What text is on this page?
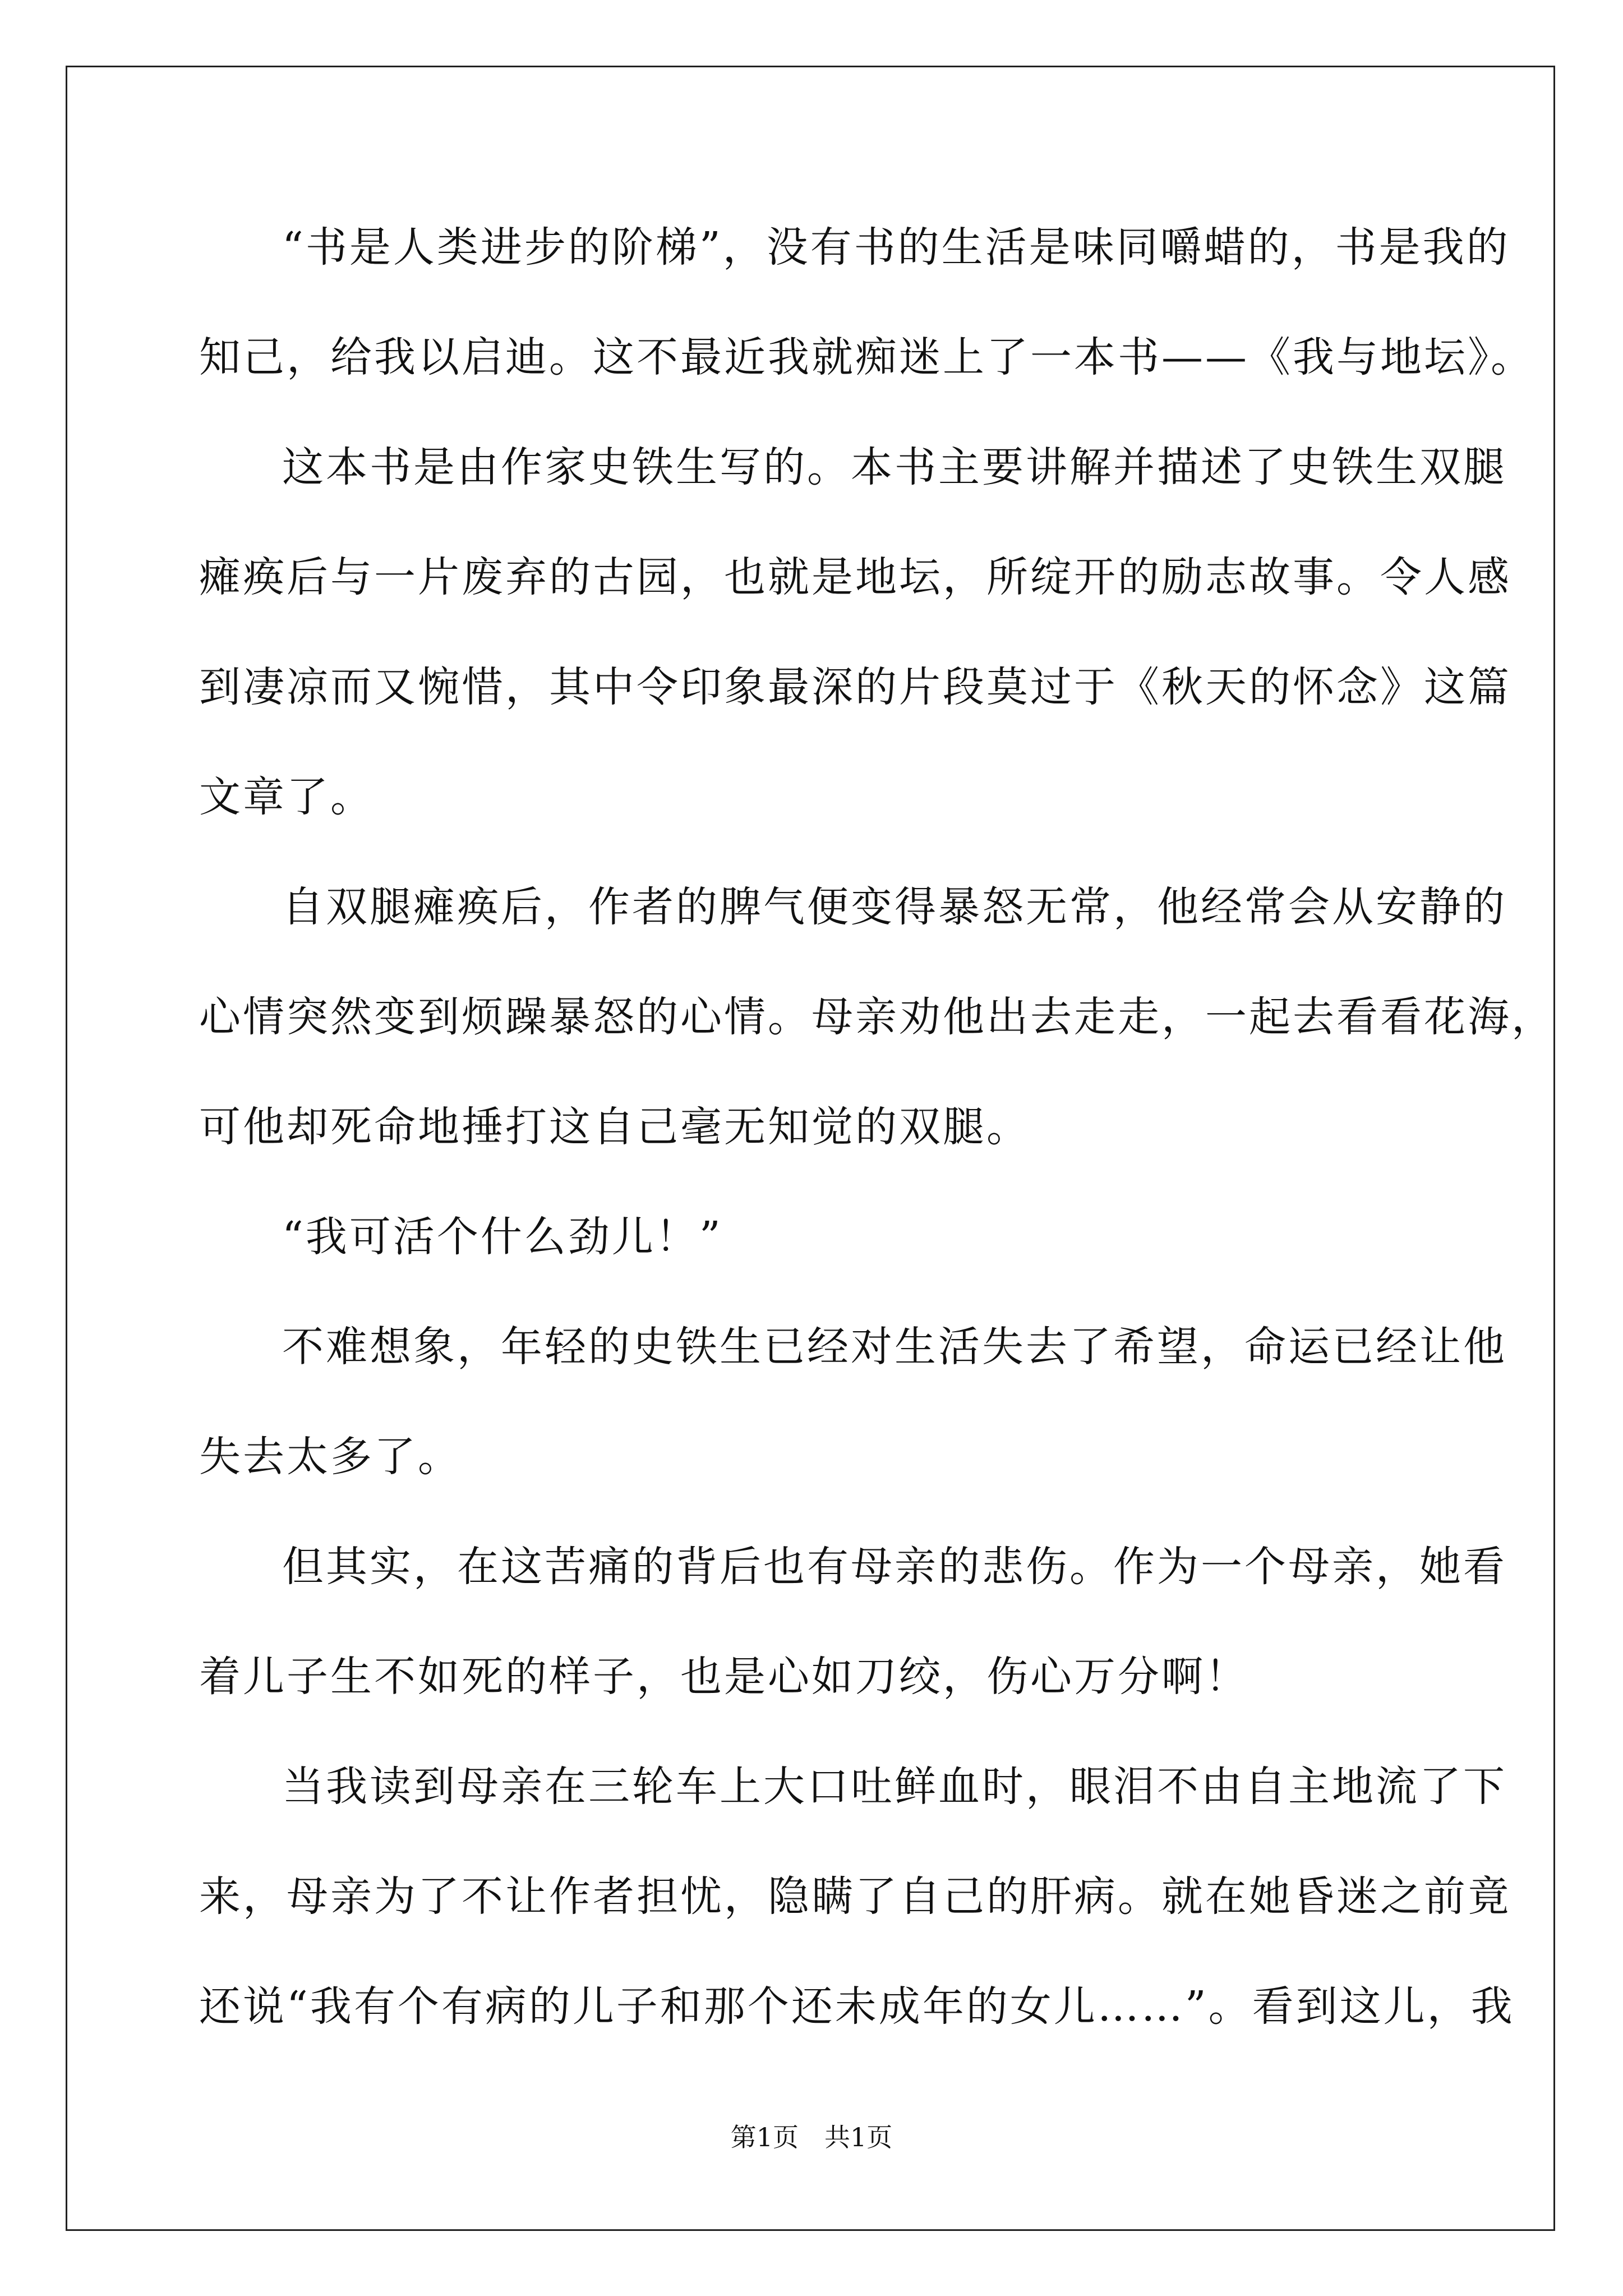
“书是人类进步的阶梯”，没有书的生活是味同嚼蜡的，书是我的
知己，给我以启迪。这不最近我就痴迷上了一本书——《我与地坛》。
这本书是由作家史铁生写的。本书主要讲解并描述了史铁生双腿
瘫痪后与一片废弃的古园，也就是地坛，所绽开的励志故事。令人感
到凄凉而又惋惜，其中令印象最深的片段莫过于《秋天的怀念》这篇
文章了。
自双腿瘫痪后，作者的脾气便变得暴怒无常，他经常会从安静的
心情突然变到烦躁暴怒的心情。母亲劝他出去走走，一起去看看花海，
可他却死命地捶打这自己毫无知觉的双腿。
“我可活个什么劲儿！”
不难想象，年轻的史铁生已经对生活失去了希望，命运已经让他
失去太多了。
但其实，在这苦痛的背后也有母亲的悲伤。作为一个母亲，她看
着儿子生不如死的样子，也是心如刀绞，伤心万分啊！
当我读到母亲在三轮车上大口吐鲜血时，眼泪不由自主地流了下
来，母亲为了不让作者担忧，隐瞒了自己的肝病。就在她昏迷之前竟
还说“我有个有病的儿子和那个还未成年的女儿……”。看到这儿，我
第1页　共1页
